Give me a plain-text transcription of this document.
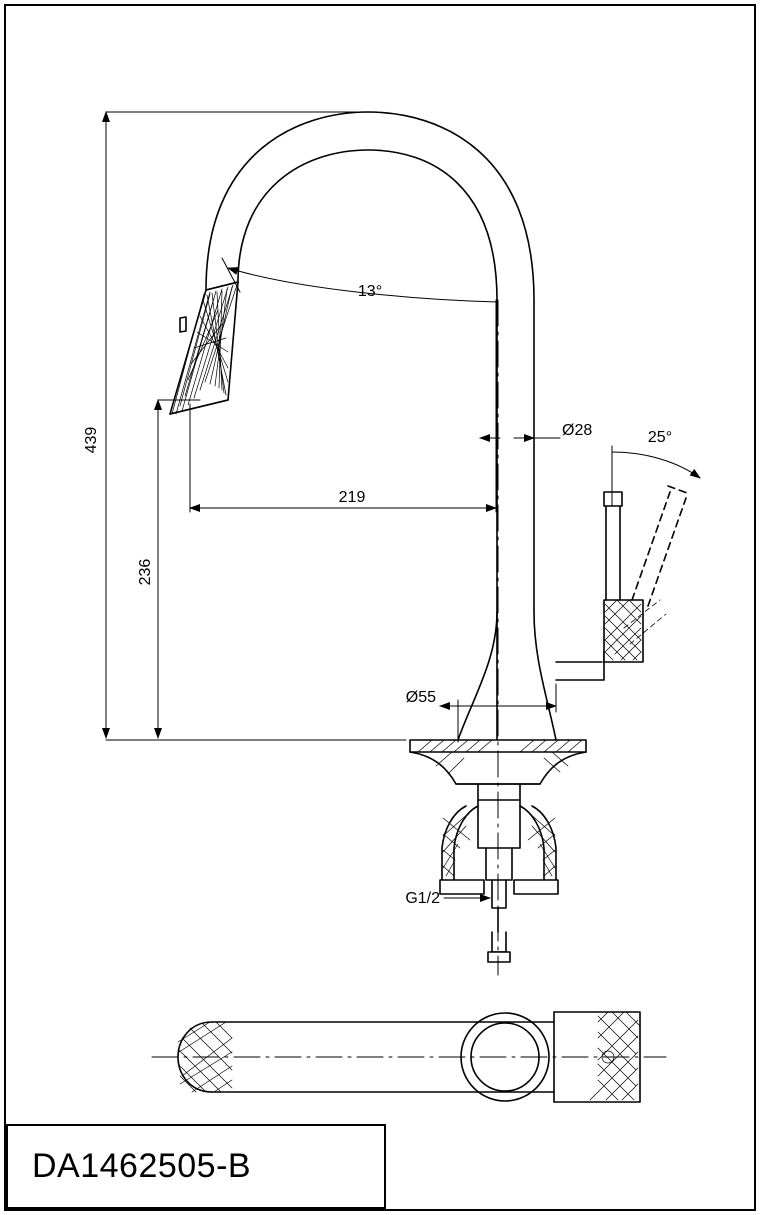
439
236
219
Ø28
Ø55
G1/2
13°
25°
DA1462505-B
